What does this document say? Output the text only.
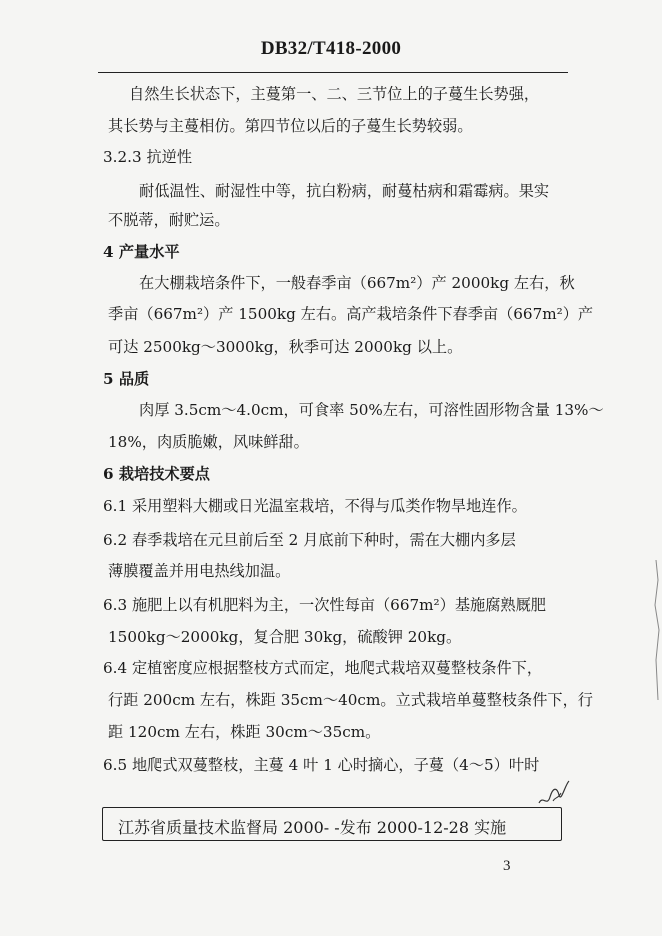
DB32/T418-2000
自然生长状态下，主蔓第一、二、三节位上的子蔓生长势强，
其长势与主蔓相仿。第四节位以后的子蔓生长势较弱。
3.2.3 抗逆性
耐低温性、耐湿性中等，抗白粉病，耐蔓枯病和霜霉病。果实
不脱蒂，耐贮运。
4 产量水平
在大棚栽培条件下，一般春季亩（667m²）产 2000kg 左右，秋
季亩（667m²）产 1500kg 左右。高产栽培条件下春季亩（667m²）产
可达 2500kg～3000kg，秋季可达 2000kg 以上。
5 品质
肉厚 3.5cm～4.0cm，可食率 50%左右，可溶性固形物含量 13%～
18%，肉质脆嫩，风味鲜甜。
6 栽培技术要点
6.1 采用塑料大棚或日光温室栽培，不得与瓜类作物旱地连作。
6.2 春季栽培在元旦前后至 2 月底前下种时，需在大棚内多层
薄膜覆盖并用电热线加温。
6.3 施肥上以有机肥料为主，一次性每亩（667m²）基施腐熟厩肥
1500kg～2000kg，复合肥 30kg，硫酸钾 20kg。
6.4 定植密度应根据整枝方式而定，地爬式栽培双蔓整枝条件下，
行距 200cm 左右，株距 35cm～40cm。立式栽培单蔓整枝条件下，行
距 120cm 左右，株距 30cm～35cm。
6.5 地爬式双蔓整枝，主蔓 4 叶 1 心时摘心，子蔓（4～5）叶时
江苏省质量技术监督局 2000- -发布 2000-12-28 实施
3
